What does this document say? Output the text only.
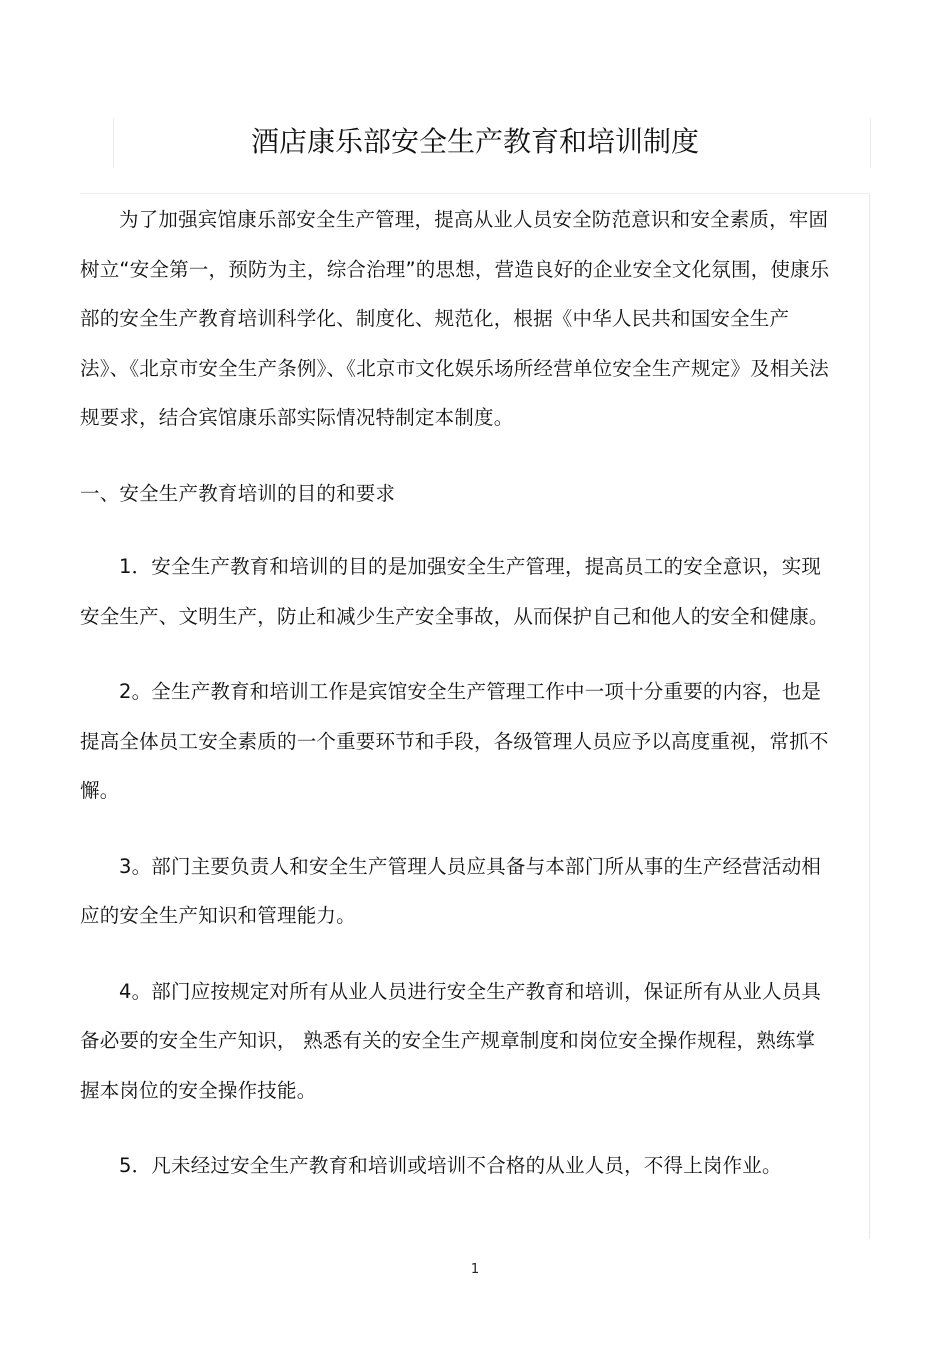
酒店康乐部安全生产教育和培训制度

为了加强宾馆康乐部安全生产管理，提高从业人员安全防范意识和安全素质，牢固树立“安全第一，预防为主，综合治理”的思想，营造良好的企业安全文化氛围，使康乐部的安全生产教育培训科学化、制度化、规范化，根据《中华人民共和国安全生产法》、《北京市安全生产条例》、《北京市文化娱乐场所经营单位安全生产规定》及相关法规要求，结合宾馆康乐部实际情况特制定本制度。

一、安全生产教育培训的目的和要求

1．安全生产教育和培训的目的是加强安全生产管理，提高员工的安全意识，实现安全生产、文明生产，防止和减少生产安全事故，从而保护自己和他人的安全和健康。

2。全生产教育和培训工作是宾馆安全生产管理工作中一项十分重要的内容，也是提高全体员工安全素质的一个重要环节和手段，各级管理人员应予以高度重视，常抓不懈。

3。部门主要负责人和安全生产管理人员应具备与本部门所从事的生产经营活动相应的安全生产知识和管理能力。

4。部门应按规定对所有从业人员进行安全生产教育和培训，保证所有从业人员具备必要的安全生产知识， 熟悉有关的安全生产规章制度和岗位安全操作规程，熟练掌握本岗位的安全操作技能。

5．凡未经过安全生产教育和培训或培训不合格的从业人员，不得上岗作业。

1
